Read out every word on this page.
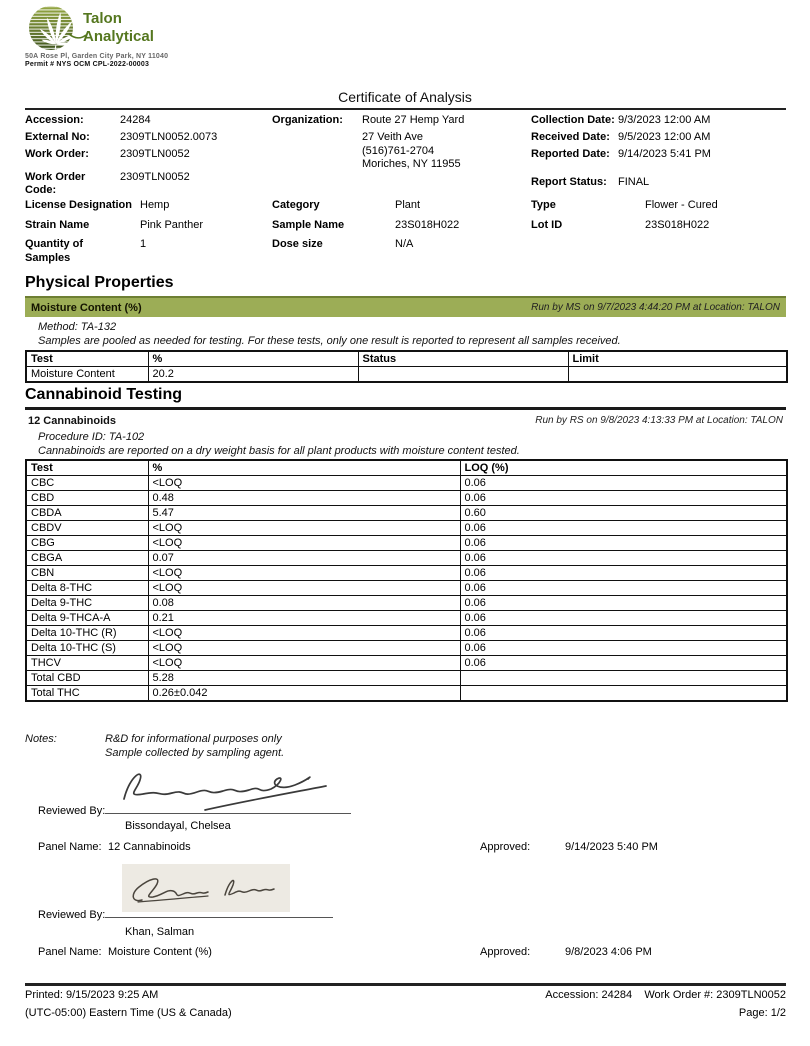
Talon
Analytical
50A Rose Pl, Garden City Park, NY 11040
Permit # NYS OCM CPL-2022-00003
Certificate of Analysis
Accession:	24284
External No:	2309TLN0052.0073
Work Order:	2309TLN0052
Work Order
Code:
2309TLN0052
Organization: Route 27 Hemp Yard
27 Veith Ave
(516)761-2704
Moriches, NY 11955
Collection Date: 9/3/2023 12:00 AM
Received Date: 9/5/2023 12:00 AM
Reported Date: 9/14/2023 5:41 PM
Report Status: FINAL
License Designation Hemp	Category	Plant	Type	Flower - Cured
Strain Name	Pink Panther	Sample Name	23S018H022	Lot ID	23S018H022
Quantity of
Samples
1	Dose size	N/A
Physical Properties
Moisture Content (%)	Run by MS on 9/7/2023 4:44:20 PM at Location: TALON
Method: TA-132
Samples are pooled as needed for testing. For these tests, only one result is reported to represent all samples received.
Test	%	Status	Limit
Moisture Content	20.2		
Cannabinoid Testing
12 Cannabinoids	Run by RS on 9/8/2023 4:13:33 PM at Location: TALON
Procedure ID: TA-102
Cannabinoids are reported on a dry weight basis for all plant products with moisture content tested.
Test	%	LOQ (%)
CBC	<LOQ	0.06
CBD	0.48	0.06
CBDA	5.47	0.60
CBDV	<LOQ	0.06
CBG	<LOQ	0.06
CBGA	0.07	0.06
CBN	<LOQ	0.06
Delta 8-THC	<LOQ	0.06
Delta 9-THC	0.08	0.06
Delta 9-THCA-A	0.21	0.06
Delta 10-THC (R)	<LOQ	0.06
Delta 10-THC (S)	<LOQ	0.06
THCV	<LOQ	0.06
Total CBD	5.28	
Total THC	0.26±0.042	
Notes:	R&D for informational purposes only
Sample collected by sampling agent.
Reviewed By:
Bissondayal, Chelsea
Panel Name: 12 Cannabinoids	Approved:	9/14/2023 5:40 PM
Reviewed By:
Khan, Salman
Panel Name: Moisture Content (%)	Approved:	9/8/2023 4:06 PM
Printed: 9/15/2023 9:25 AM	Accession: 24284 Work Order #: 2309TLN0052
(UTC-05:00) Eastern Time (US & Canada)	Page: 1/2
